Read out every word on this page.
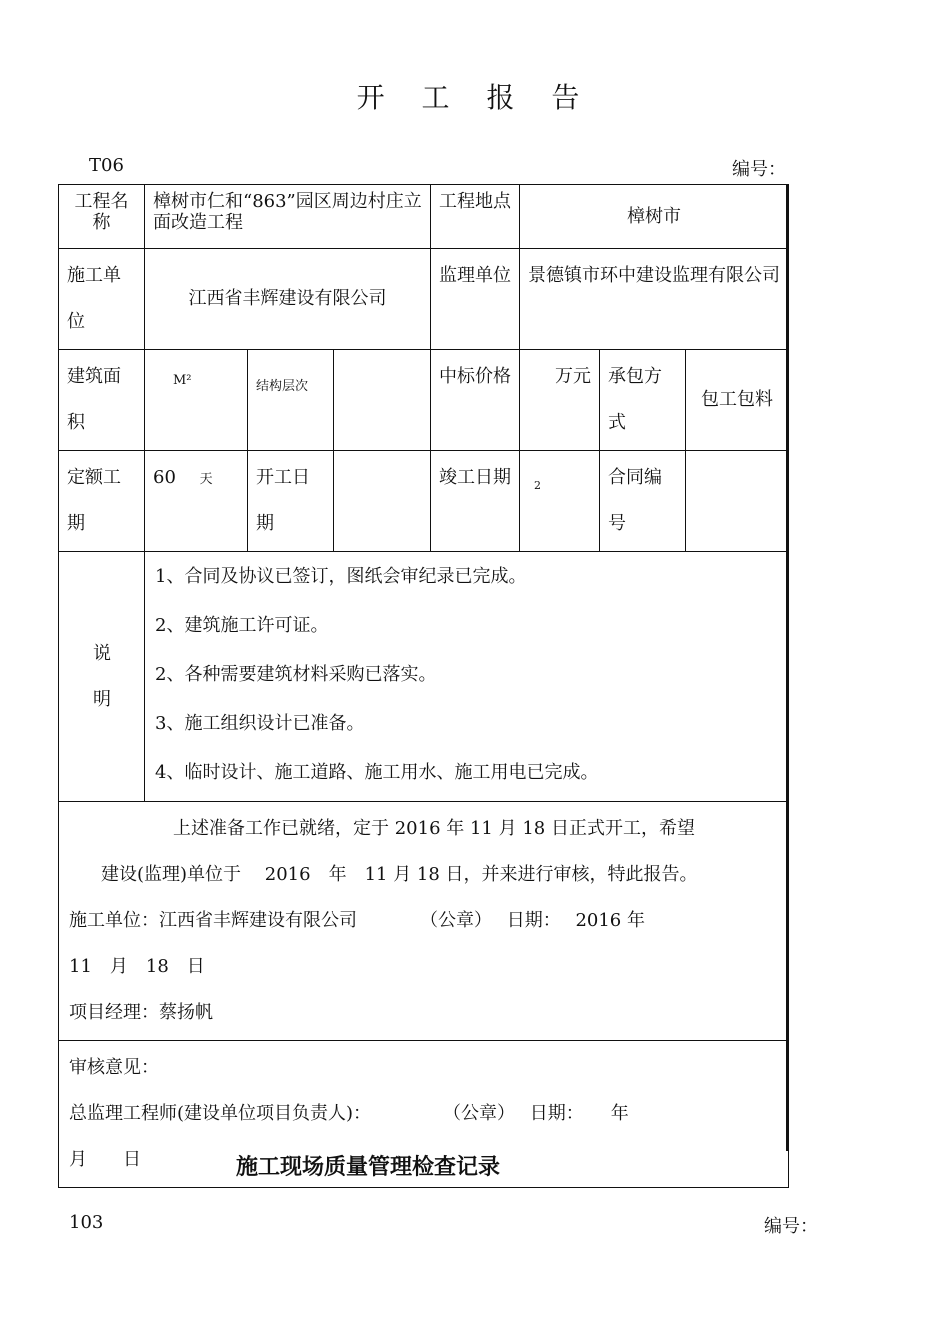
开 工 报 告
T06	编号：
工程名称	樟树市仁和“863”园区周边村庄立面改造工程			工程地点	樟树市		
施工单位	江西省丰辉建设有限公司			监理单位	景德镇市环中建设监理有限公司		
建筑面积	M²	结构层次		中标价格	万元	承包方式	包工包料
定额工期	60 天	开工日期		竣工日期	2	合同编号	
说明	1、合同及协议已签订，图纸会审纪录已完成。
2、建筑施工许可证。
2、各种需要建筑材料采购已落实。
3、施工组织设计已准备。
4、临时设计、施工道路、施工用水、施工用电已完成。						

上述准备工作已就绪，定于 2016 年 11 月 18 日正式开工，希望
建设(监理)单位于　 2016　年　11 月 18 日，并来进行审核，特此报告。
施工单位：江西省丰辉建设有限公司　　　　（公章）　 日期：　 2016 年
11　月　18　日
项目经理：蔡扬帆							

审核意见：
总监理工程师(建设单位项目负责人)：　　　　　（公章）　 日期：　　年
月　　日								施工现场质量管理检查记录
103	编号：
